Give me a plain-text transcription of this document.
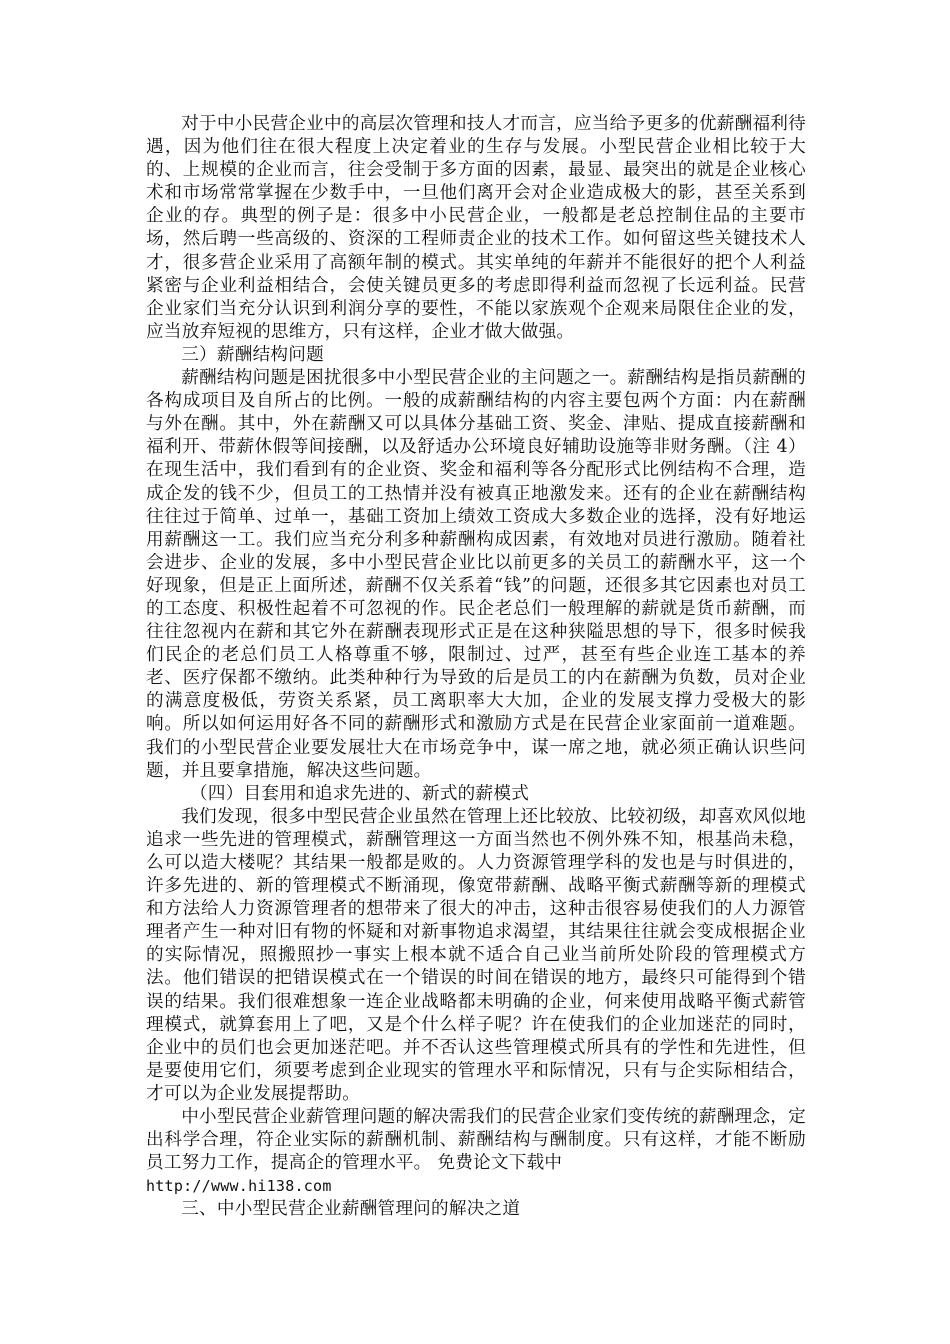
对于中小民营企业中的高层次管理和技人才而言，应当给予更多的优薪酬福利待遇，因为他们往在很大程度上决定着业的生存与发展。小型民营企业相比较于大的、上规模的企业而言，往会受制于多方面的因素，最显、最突出的就是企业核心术和市场常常掌握在少数手中，一旦他们离开会对企业造成极大的影，甚至关系到企业的存。典型的例子是：很多中小民营企业，一般都是老总控制住品的主要市场，然后聘一些高级的、资深的工程师责企业的技术工作。如何留这些关键技术人才，很多营企业采用了高额年制的模式。其实单纯的年薪并不能很好的把个人利益紧密与企业利益相结合，会使关键员更多的考虑即得利益而忽视了长远利益。民营企业家们当充分认识到利润分享的要性，不能以家族观个企观来局限住企业的发，应当放弃短视的思维方，只有这样，企业才做大做强。

三）薪酬结构问题

薪酬结构问题是困扰很多中小型民营企业的主问题之一。薪酬结构是指员薪酬的各构成项目及自所占的比例。一般的成薪酬结构的内容主要包两个方面：内在薪酬与外在酬。其中，外在薪酬又可以具体分基础工资、奖金、津贴、提成直接薪酬和福利开、带薪休假等间接酬，以及舒适办公环境良好辅助设施等非财务酬。（注 4）在现生活中，我们看到有的企业资、奖金和福利等各分配形式比例结构不合理，造成企发的钱不少，但员工的工热情并没有被真正地激发来。还有的企业在薪酬结构往往过于简单、过单一，基础工资加上绩效工资成大多数企业的选择，没有好地运用薪酬这一工。我们应当充分利多种薪酬构成因素，有效地对员进行激励。随着社会进步、企业的发展，多中小型民营企业比以前更多的关员工的薪酬水平，这一个好现象，但是正上面所述，薪酬不仅关系着“钱”的问题，还很多其它因素也对员工的工态度、积极性起着不可忽视的作。民企老总们一般理解的薪就是货币薪酬，而往往忽视内在薪和其它外在薪酬表现形式正是在这种狭隘思想的导下，很多时候我们民企的老总们员工人格尊重不够，限制过、过严，甚至有些企业连工基本的养老、医疗保都不缴纳。此类种种行为导致的后是员工的内在薪酬为负数，员对企业的满意度极低，劳资关系紧，员工离职率大大加，企业的发展支撑力受极大的影响。所以如何运用好各不同的薪酬形式和激励方式是在民营企业家面前一道难题。我们的小型民营企业要发展壮大在市场竞争中，谋一席之地，就必须正确认识些问题，并且要拿措施，解决这些问题。

（四）目套用和追求先进的、新式的薪模式

我们发现，很多中型民营企业虽然在管理上还比较放、比较初级，却喜欢风似地追求一些先进的管理模式，薪酬管理这一方面当然也不例外殊不知，根基尚未稳，么可以造大楼呢？其结果一般都是败的。人力资源管理学科的发也是与时俱进的，许多先进的、新的管理模式不断涌现，像宽带薪酬、战略平衡式薪酬等新的理模式和方法给人力资源管理者的想带来了很大的冲击，这种击很容易使我们的人力源管理者产生一种对旧有物的怀疑和对新事物追求渴望，其结果往往就会变成根据企业的实际情况，照搬照抄一事实上根本就不适合自己业当前所处阶段的管理模式方法。他们错误的把错误模式在一个错误的时间在错误的地方，最终只可能得到个错误的结果。我们很难想象一连企业战略都未明确的企业，何来使用战略平衡式薪管理模式，就算套用上了吧，又是个什么样子呢？许在使我们的企业加迷茫的同时，企业中的员们也会更加迷茫吧。并不否认这些管理模式所具有的学性和先进性，但是要使用它们，须要考虑到企业现实的管理水平和际情况，只有与企实际相结合，才可以为企业发展提帮助。

中小型民营企业薪管理问题的解决需我们的民营企业家们变传统的薪酬理念，定出科学合理，符企业实际的薪酬机制、薪酬结构与酬制度。只有这样，才能不断励员工努力工作，提高企的管理水平。 免费论文下载中

http://www.hi138.com

三、中小型民营企业薪酬管理问的解决之道
